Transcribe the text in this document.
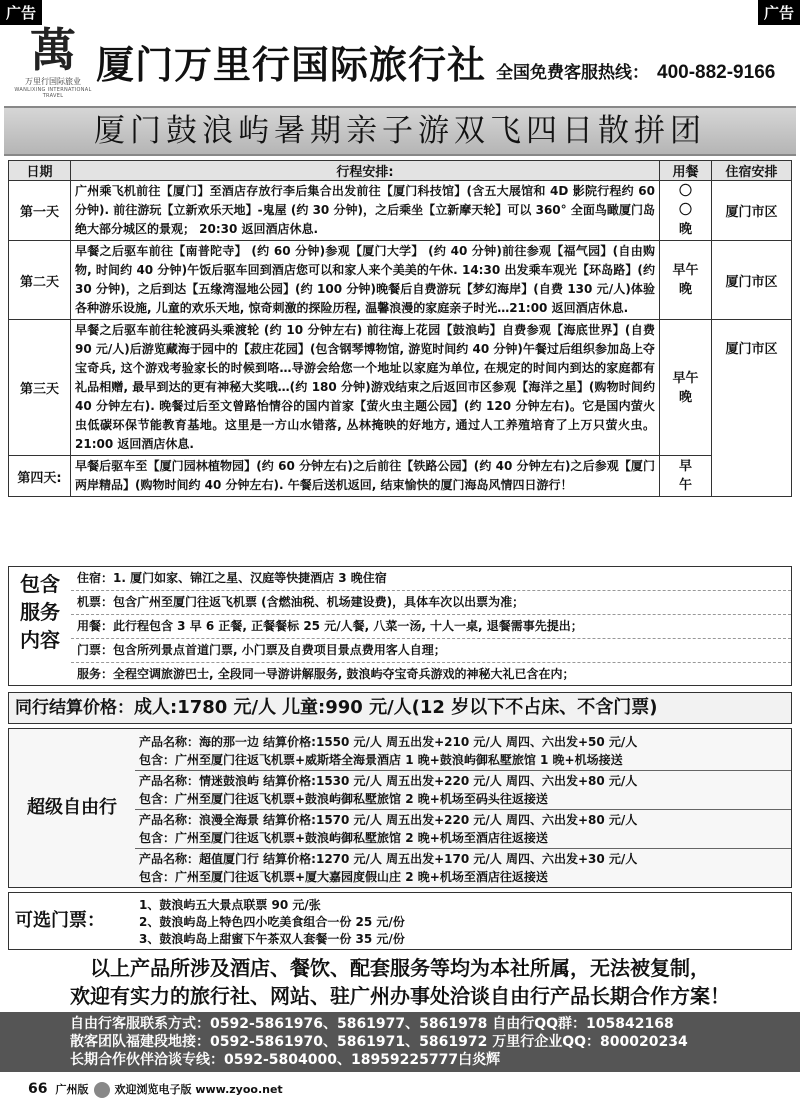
广告	广告
萬
万里行国际旅业
WANLIXING INTERNATIONAL TRAVEL
厦门万里行国际旅行社 全国免费客服热线： 400-882-9166
厦门鼓浪屿暑期亲子游双飞四日散拼团
日期	行程安排:	用餐	住宿安排
第一天	广州乘飞机前往【厦门】至酒店存放行李后集合出发前往【厦门科技馆】(含五大展馆和 4D 影院行程约 60 分钟). 前往游玩【立新欢乐天地】-鬼屋 (约 30 分钟)，之后乘坐【立新摩天轮】可以 360° 全面鸟瞰厦门岛绝大部分城区的景观； 20:30 返回酒店休息.	〇
〇
晚	厦门市区
第二天	早餐之后驱车前往【南普陀寺】 (约 60 分钟)参观【厦门大学】 (约 40 分钟)前往参观【福气园】(自由购物, 时间约 40 分钟)午饭后驱车回到酒店您可以和家人来个美美的午休. 14:30 出发乘车观光【环岛路】(约 30 分钟)，之后到达【五缘湾湿地公园】(约 100 分钟)晚餐后自费游玩【梦幻海岸】(自费 130 元/人)体验各种游乐设施, 儿童的欢乐天地, 惊奇刺激的探险历程, 温馨浪漫的家庭亲子时光…21:00 返回酒店休息.	早午
晚	厦门市区
第三天	早餐之后驱车前往轮渡码头乘渡轮 (约 10 分钟左右) 前往海上花园【鼓浪屿】自费参观【海底世界】(自费 90 元/人)后游览藏海于园中的【菽庄花园】(包含钢琴博物馆, 游览时间约 40 分钟)午餐过后组织参加岛上夺宝奇兵, 这个游戏考验家长的时候到咯…导游会给您一个地址以家庭为单位, 在规定的时间内到达的家庭都有礼品相赠, 最早到达的更有神秘大奖哦…(约 180 分钟)游戏结束之后返回市区参观【海洋之星】(购物时间约 40 分钟左右). 晚餐过后至文曾路怡情谷的国内首家【萤火虫主题公园】(约 120 分钟左右)。它是国内萤火虫低碳环保节能教育基地。这里是一方山水错落, 丛林掩映的好地方, 通过人工养殖培育了上万只萤火虫。21:00 返回酒店休息.	早午
晚	厦门市区
第四天:	早餐后驱车至【厦门园林植物园】(约 60 分钟左右)之后前往【铁路公园】(约 40 分钟左右)之后参观【厦门两岸精品】(购物时间约 40 分钟左右). 午餐后送机返回, 结束愉快的厦门海岛风情四日游行！	早
午	
包含
服务
内容
住宿：1. 厦门如家、锦江之星、汉庭等快捷酒店 3 晚住宿
机票：包含广州至厦门往返飞机票 (含燃油税、机场建设费)，具体车次以出票为准；
用餐：此行程包含 3 早 6 正餐, 正餐餐标 25 元/人餐, 八菜一汤, 十人一桌, 退餐需事先提出；
门票：包含所列景点首道门票, 小门票及自费项目景点费用客人自理；
服务：全程空调旅游巴士, 全段同一导游讲解服务, 鼓浪屿夺宝奇兵游戏的神秘大礼已含在内；
同行结算价格：成人:1780 元/人 儿童:990 元/人(12 岁以下不占床、不含门票)
超级自由行
产品名称：海的那一边 结算价格:1550 元/人 周五出发+210 元/人 周四、六出发+50 元/人
包含：广州至厦门往返飞机票+威斯塔全海景酒店 1 晚+鼓浪屿御私墅旅馆 1 晚+机场接送
产品名称：情迷鼓浪屿 结算价格:1530 元/人 周五出发+220 元/人 周四、六出发+80 元/人
包含：广州至厦门往返飞机票+鼓浪屿御私墅旅馆 2 晚+机场至码头往返接送
产品名称：浪漫全海景 结算价格:1570 元/人 周五出发+220 元/人 周四、六出发+80 元/人
包含：广州至厦门往返飞机票+鼓浪屿御私墅旅馆 2 晚+机场至酒店往返接送
产品名称：超值厦门行 结算价格:1270 元/人 周五出发+170 元/人 周四、六出发+30 元/人
包含：广州至厦门往返飞机票+厦大嘉园度假山庄 2 晚+机场至酒店往返接送
可选门票：
1、鼓浪屿五大景点联票 90 元/张
2、鼓浪屿岛上特色四小吃美食组合一份 25 元/份
3、鼓浪屿岛上甜蜜下午茶双人套餐一份 35 元/份
以上产品所涉及酒店、餐饮、配套服务等均为本社所属，无法被复制，
欢迎有实力的旅行社、网站、驻广州办事处洽谈自由行产品长期合作方案！
自由行客服联系方式：0592-5861976、5861977、5861978 自由行QQ群：105842168
散客团队福建段地接：0592-5861970、5861971、5861972 万里行企业QQ：800020234
长期合作伙伴洽谈专线：0592-5804000、18959225777白炎辉
66 广州版 欢迎浏览电子版 www.zyoo.net
